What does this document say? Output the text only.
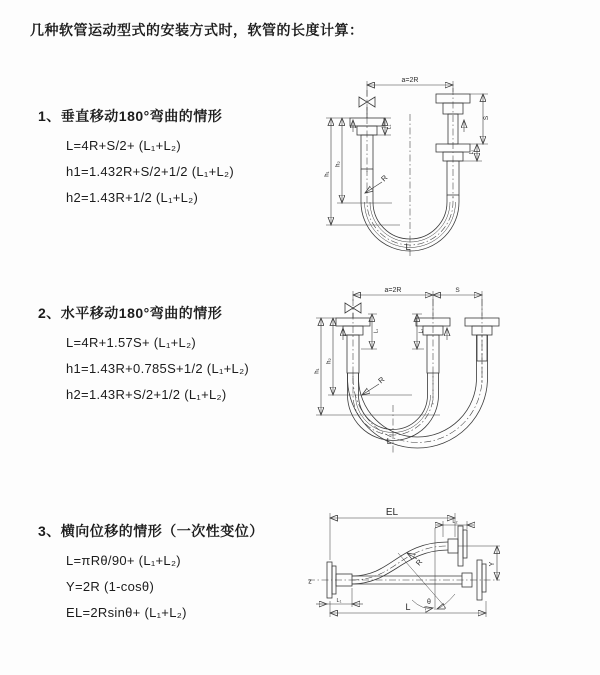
几种软管运动型式的安装方式时，软管的长度计算：
1、垂直移动180°弯曲的情形
L=4R+S/2+ (L₁+L₂)
h1=1.432R+S/2+1/2 (L₁+L₂)
h2=1.43R+1/2 (L₁+L₂)
2、水平移动180°弯曲的情形
L=4R+1.57S+ (L₁+L₂)
h1=1.43R+0.785S+1/2 (L₁+L₂)
h2=1.43R+S/2+1/2 (L₁+L₂)
3、横向位移的情形（一次性变位）
L=πRθ/90+ (L₁+L₂)
Y=2R (1-cosθ)
EL=2Rsinθ+ (L₁+L₂)
a=2R
h₁
h₂
L₁
S
L₂
R
L
a=2R	S
h₁
h₂
L₁	L₂
R
L
EL
L₂
Y
R
θ
L
L₁
z
